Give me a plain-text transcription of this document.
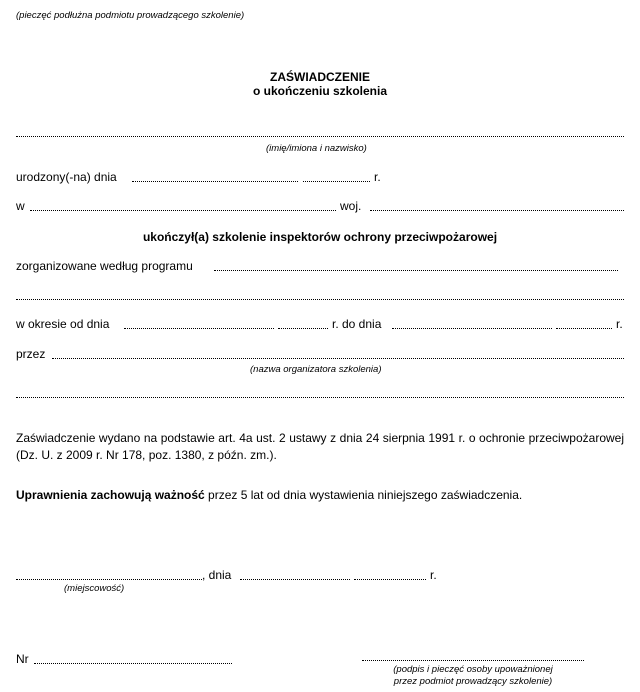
(pieczęć podłużna podmiotu prowadzącego szkolenie)
ZAŚWIADCZENIE
o ukończeniu szkolenia
(imię/imiona i nazwisko)
urodzony(-na) dnia	r.
w	woj.
ukończył(a) szkolenie inspektorów ochrony przeciwpożarowej
zorganizowane według programu
w okresie od dnia	r. do dnia	r.
przez
(nazwa organizatora szkolenia)
Zaświadczenie wydano na podstawie art. 4a ust. 2 ustawy z dnia 24 sierpnia 1991 r. o ochronie przeciwpożarowej (Dz. U. z 2009 r. Nr 178, poz. 1380, z późn. zm.).
Uprawnienia zachowują ważność przez 5 lat od dnia wystawienia niniejszego zaświadczenia.
, dnia	r.
(miejscowość)
Nr
(podpis i pieczęć osoby upoważnionej
przez podmiot prowadzący szkolenie)
